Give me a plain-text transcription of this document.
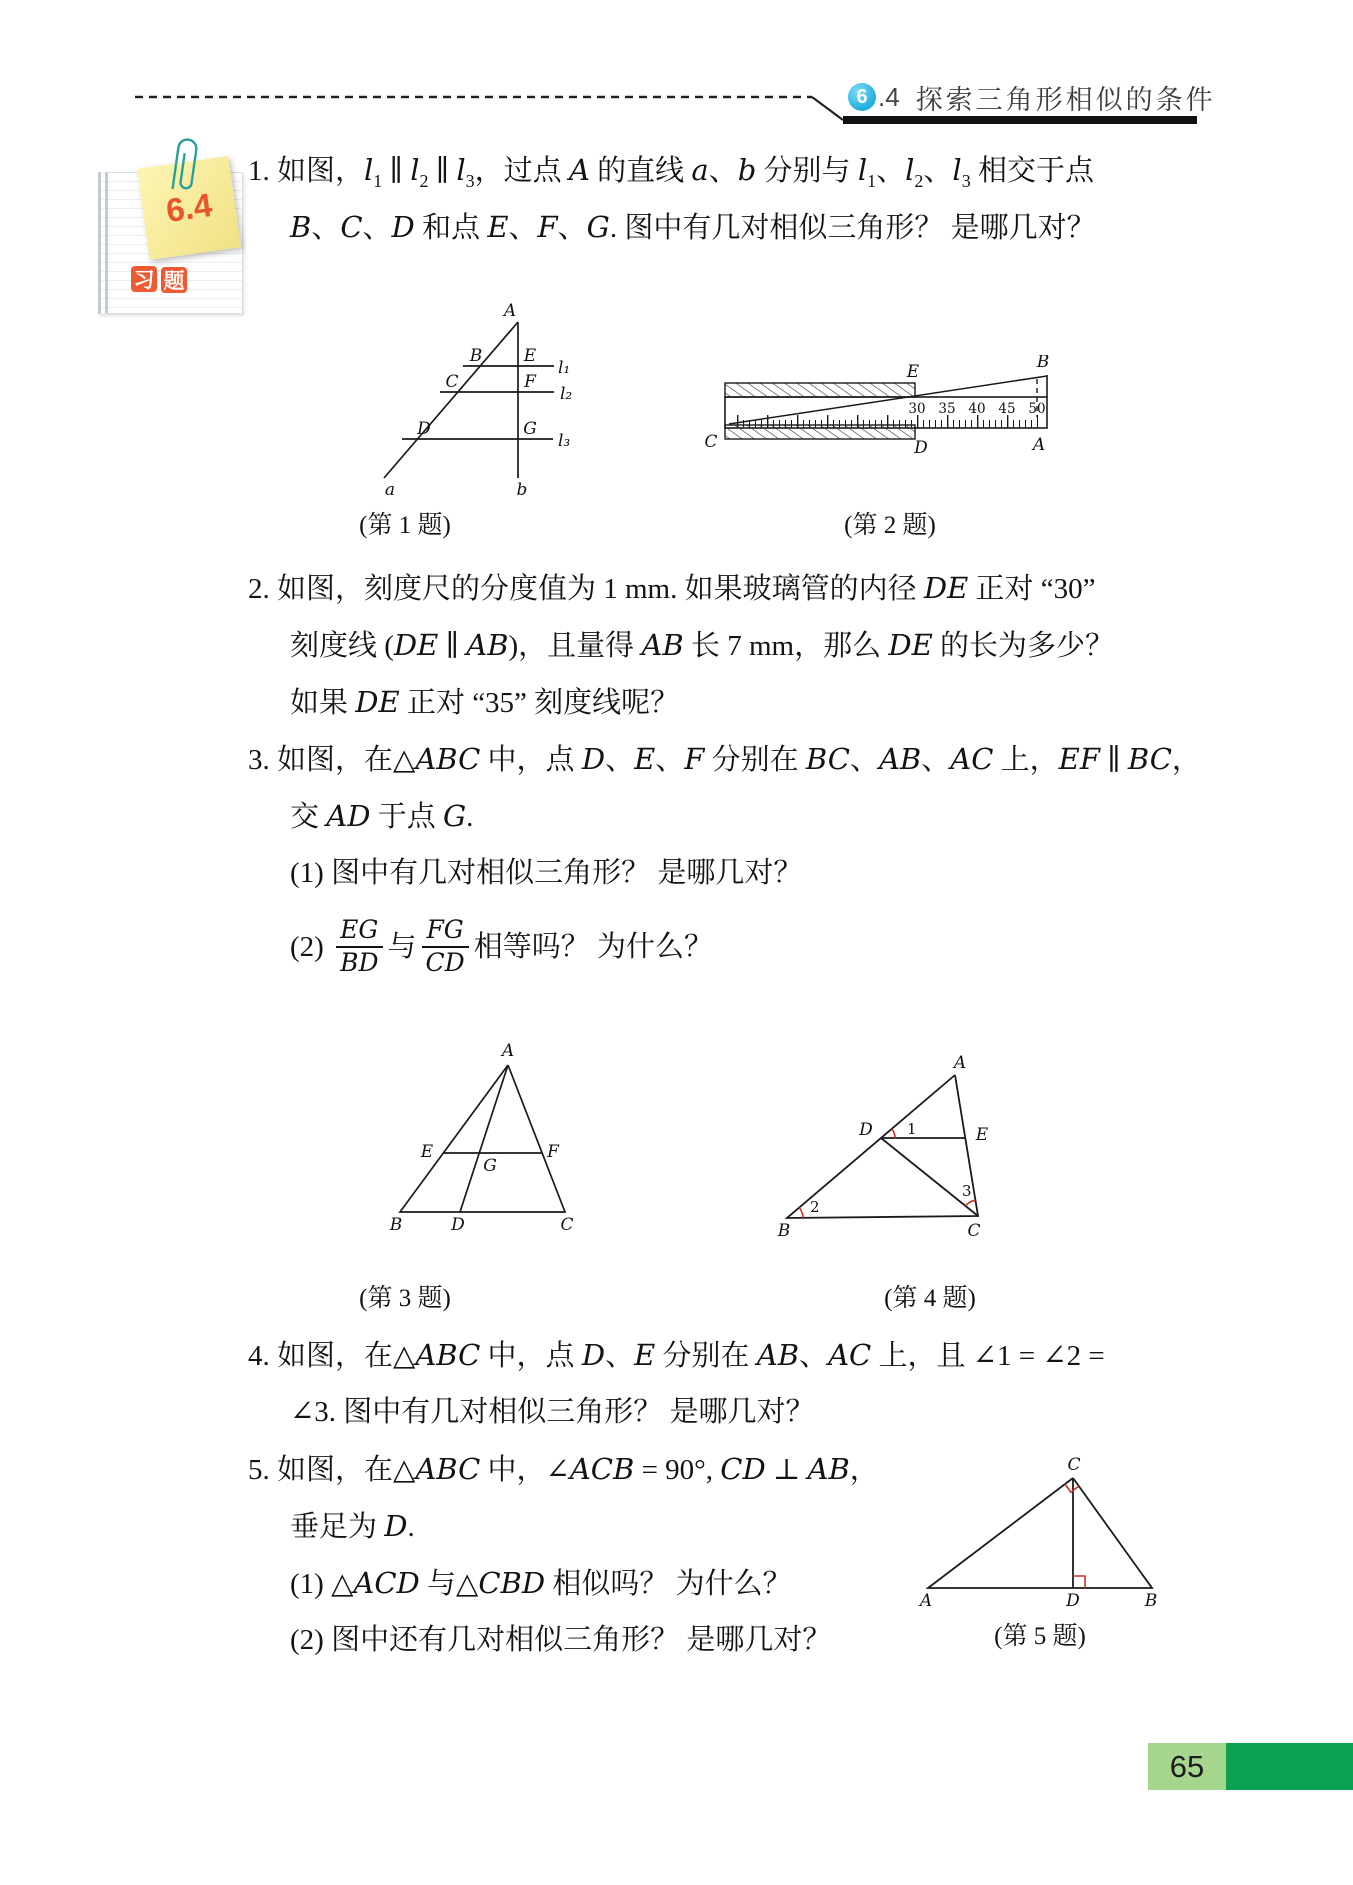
6 .4 探索三角形相似的条件
6.4
习 题
1. 如图，$l_1$ ∥ $l_2$ ∥ $l_3$，过点 A 的直线 a、b 分别与 $l_1$、$l_2$、$l_3$ 相交于点
B、C、D 和点 E、F、G. 图中有几对相似三角形？ 是哪几对？
A
B E
l₁
C	F
l₂
D	G
l₃
a	b
(第 1 题)
30 35 40 45 50
E	B
C	D	A
(第 2 题)
2. 如图，刻度尺的分度值为 1 mm. 如果玻璃管的内径 DE 正对 “30”
刻度线 (DE ∥ AB)，且量得 AB 长 7 mm，那么 DE 的长为多少？
如果 DE 正对 “35” 刻度线呢？
3. 如图，在△ABC 中，点 D、E、F 分别在 BC、AB、AC 上，EF ∥ BC，
交 AD 于点 G.
(1) 图中有几对相似三角形？ 是哪几对？
$(2) \frac{EG}{BD}$ 与 $\frac{FG}{CD}$ 相等吗？ 为什么？
A
E	F
G
B	D	C
(第 3 题)
1
2
3
A
D	E
B	C
(第 4 题)
4. 如图，在△ABC 中，点 D、E 分别在 AB、AC 上，且 ∠1 = ∠2 =
∠3. 图中有几对相似三角形？ 是哪几对？
5. 如图，在△ABC 中，∠ACB = 90°, CD ⊥ AB，
垂足为 D.
(1) △ACD 与△CBD 相似吗？ 为什么？
(2) 图中还有几对相似三角形？ 是哪几对？
C
A	D	B
(第 5 题)
65
